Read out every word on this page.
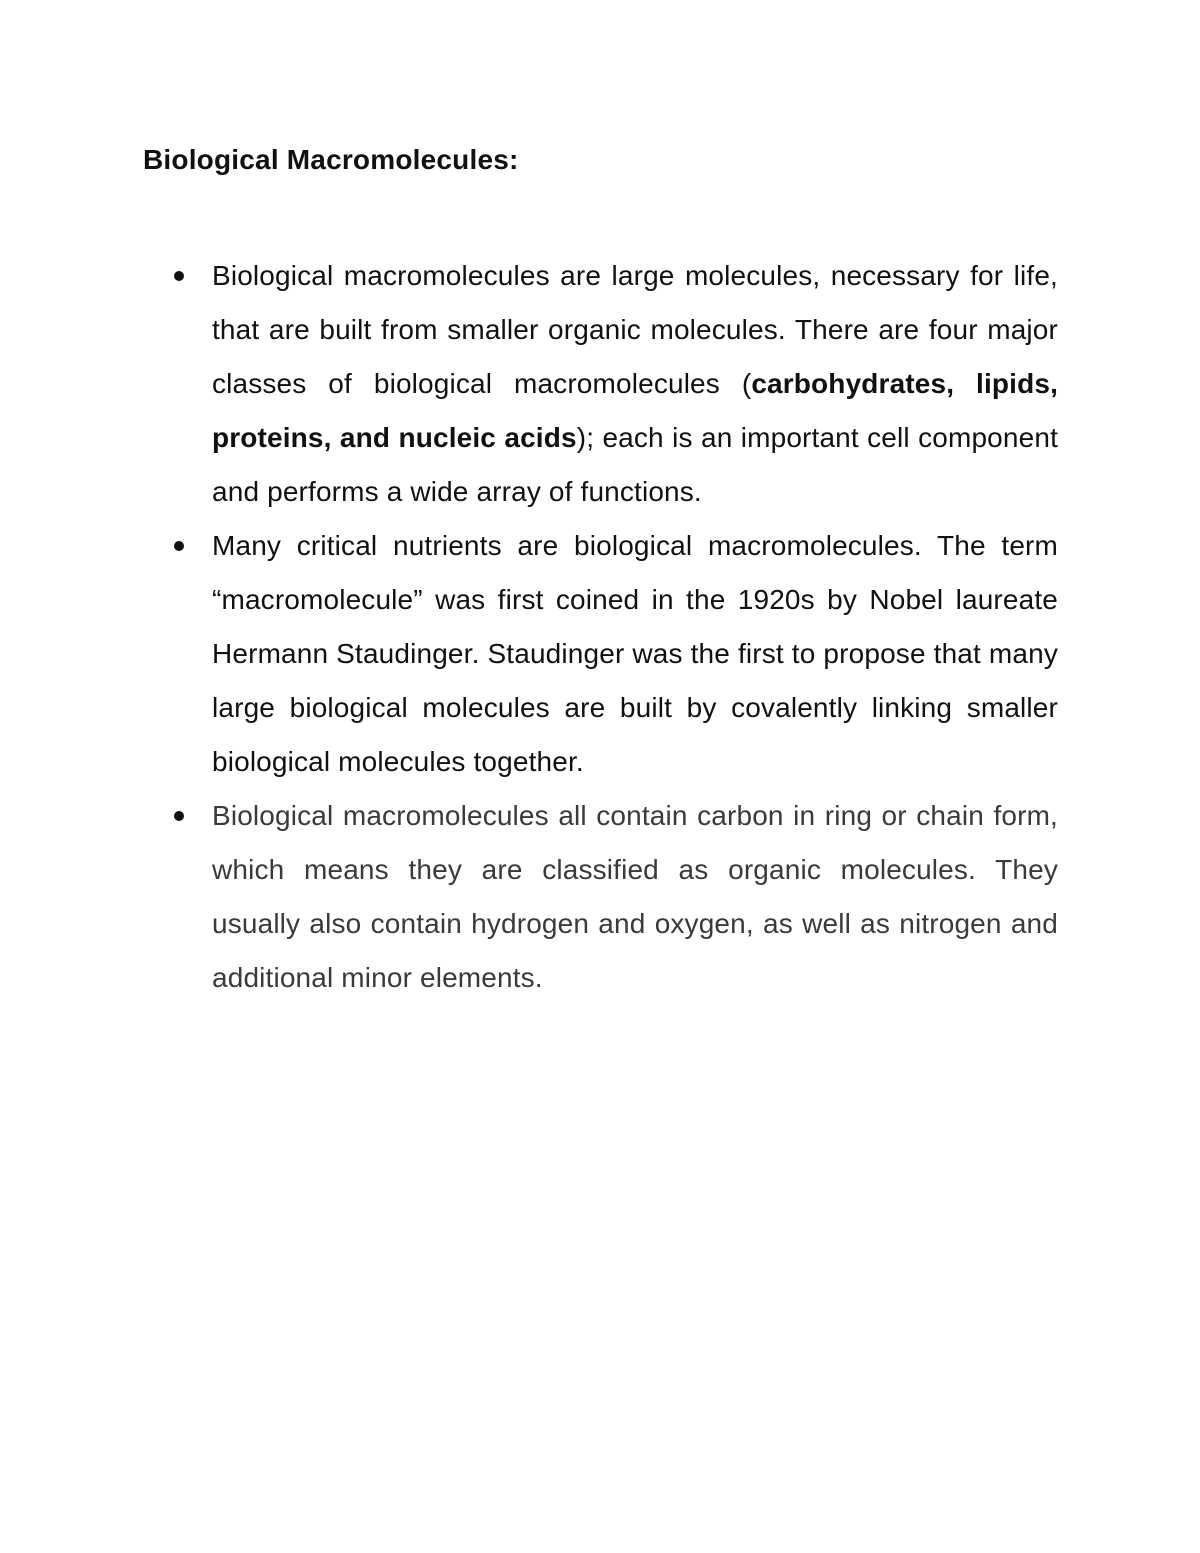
Biological Macromolecules:
Biological macromolecules are large molecules, necessary for life, that are built from smaller organic molecules. There are four major classes of biological macromolecules (carbohydrates, lipids, proteins, and nucleic acids); each is an important cell component and performs a wide array of functions.
Many critical nutrients are biological macromolecules. The term “macromolecule” was first coined in the 1920s by Nobel laureate Hermann Staudinger. Staudinger was the first to propose that many large biological molecules are built by covalently linking smaller biological molecules together.
Biological macromolecules all contain carbon in ring or chain form, which means they are classified as organic molecules. They usually also contain hydrogen and oxygen, as well as nitrogen and additional minor elements.
